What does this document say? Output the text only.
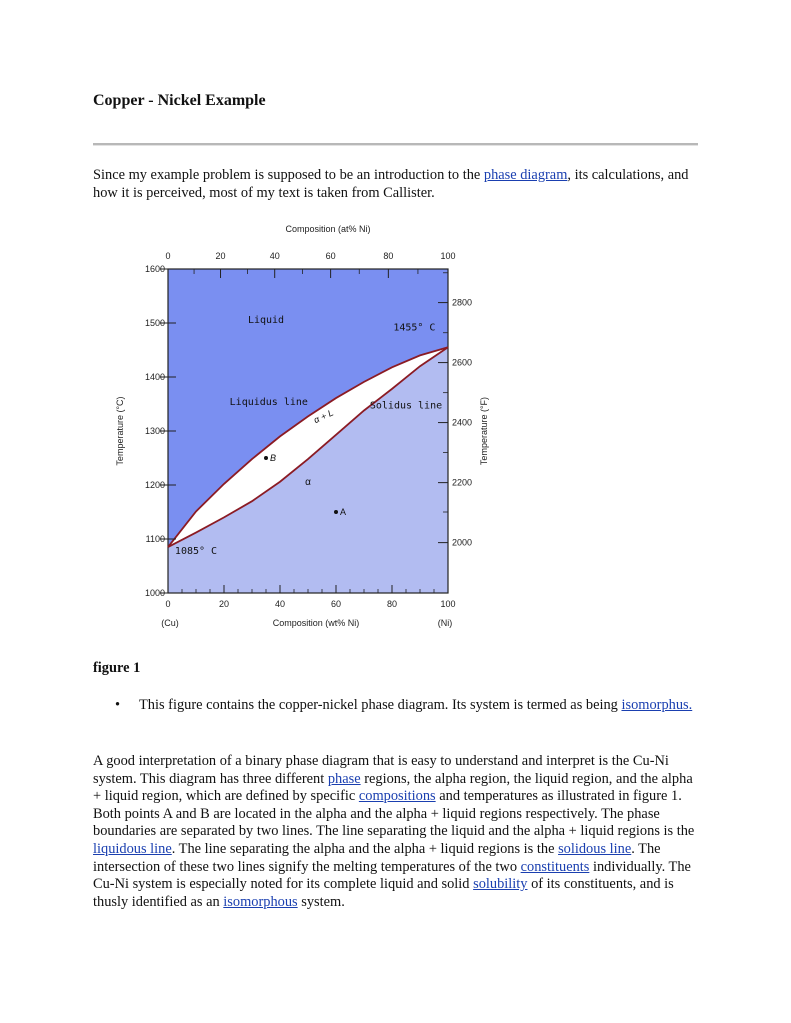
Copper - Nickel Example

Since my example problem is supposed to be an introduction to the phase diagram, its calculations, and how it is perceived, most of my text is taken from Callister.

0	20	40	60	80	100
0	20	40	60	80	100
1000
1100
1200
1300
1400
1500
1600
2000
2200
2400
2600
2800
Composition (at% Ni)
Composition (wt% Ni)
(Cu)	(Ni)
Temperature (°C)	Temperature (°F)
Liquid
α
α + L
Liquidus line	Solidus line
1455° C
1085° C
B
A

figure 1

• This figure contains the copper-nickel phase diagram. Its system is termed as being isomorphus.

A good interpretation of a binary phase diagram that is easy to understand and interpret is the Cu-Ni system. This diagram has three different phase regions, the alpha region, the liquid region, and the alpha + liquid region, which are defined by specific compositions and temperatures as illustrated in figure 1. Both points A and B are located in the alpha and the alpha + liquid regions respectively. The phase boundaries are separated by two lines. The line separating the liquid and the alpha + liquid regions is the liquidous line. The line separating the alpha and the alpha + liquid regions is the solidous line. The intersection of these two lines signify the melting temperatures of the two constituents individually. The Cu-Ni system is especially noted for its complete liquid and solid solubility of its constituents, and is thusly identified as an isomorphous system.
